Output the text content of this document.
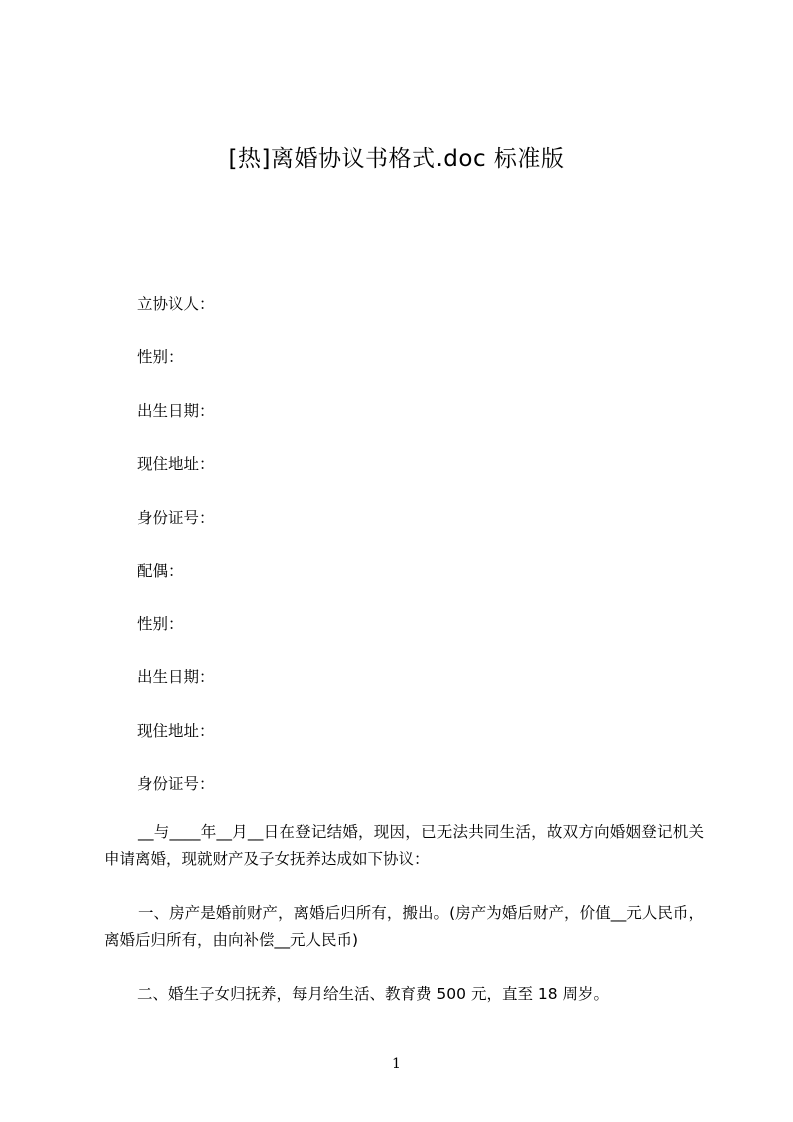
[热]离婚协议书格式.doc 标准版
立协议人：
性别：
出生日期：
现住地址：
身份证号：
配偶：
性别：
出生日期：
现住地址：
身份证号：
__与____年__月__日在登记结婚，现因，已无法共同生活，故双方向婚姻登记机关申请离婚，现就财产及子女抚养达成如下协议：
一、房产是婚前财产，离婚后归所有，搬出。(房产为婚后财产，价值__元人民币，离婚后归所有，由向补偿__元人民币)
二、婚生子女归抚养，每月给生活、教育费 500 元，直至 18 周岁。
1
